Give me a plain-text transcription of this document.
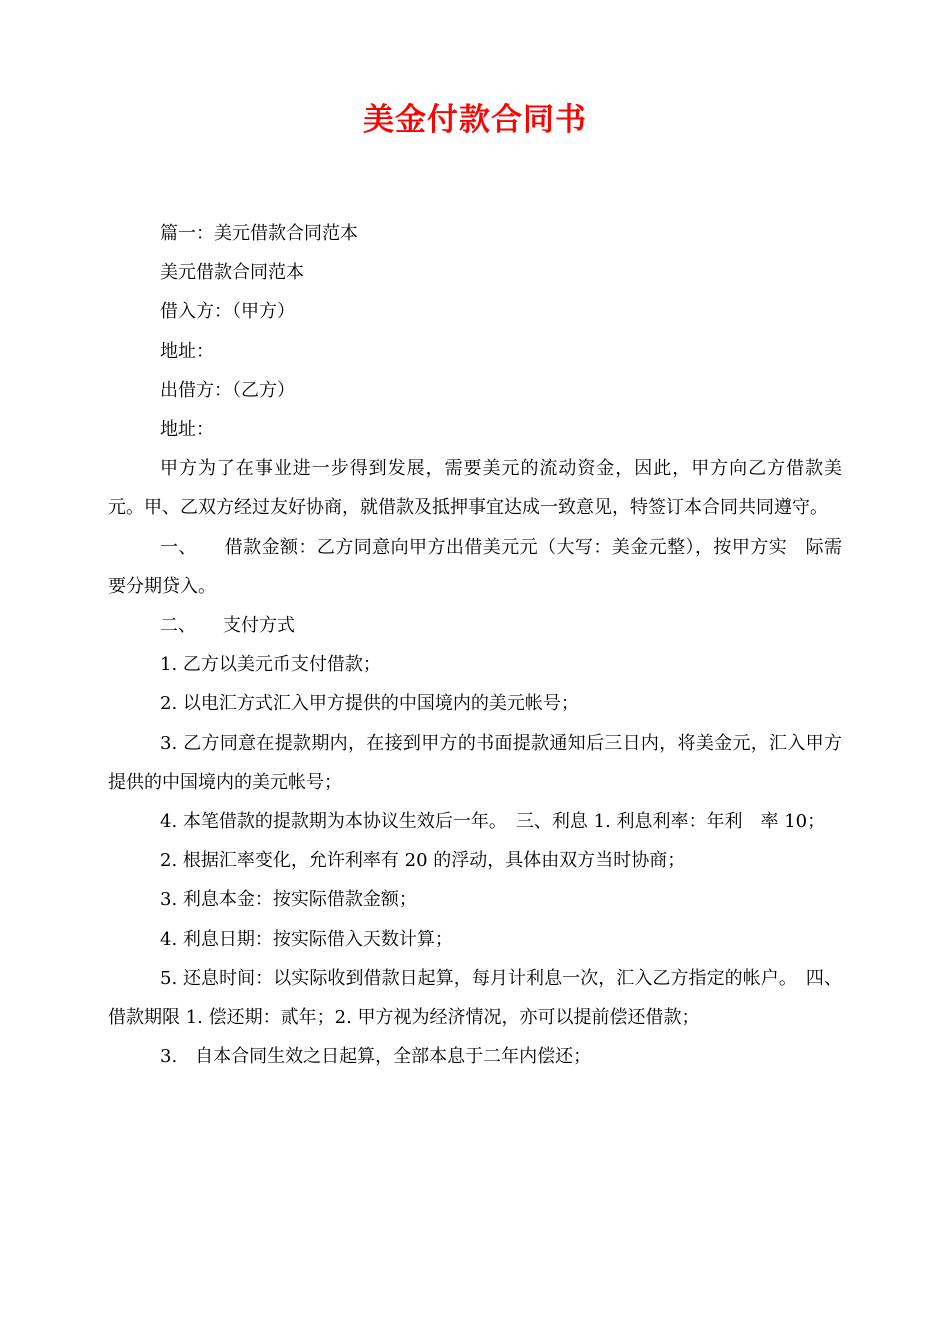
美金付款合同书

篇一：美元借款合同范本

美元借款合同范本

借入方：（甲方）

地址：

出借方：（乙方）

地址：

甲方为了在事业进一步得到发展，需要美元的流动资金，因此，甲方向乙方借款美元。甲、乙双方经过友好协商，就借款及抵押事宜达成一致意见，特签订本合同共同遵守。

一、　　借款金额：乙方同意向甲方出借美元元（大写：美金元整），按甲方实　际需要分期贷入。

二、　　支付方式

1. 乙方以美元币支付借款；

2. 以电汇方式汇入甲方提供的中国境内的美元帐号；

3. 乙方同意在提款期内，在接到甲方的书面提款通知后三日内，将美金元，汇入甲方提供的中国境内的美元帐号；

4. 本笔借款的提款期为本协议生效后一年。　三、利息 1. 利息利率：年利　率 10；

2. 根据汇率变化，允许利率有 20 的浮动，具体由双方当时协商；

3. 利息本金：按实际借款金额；

4. 利息日期：按实际借入天数计算；

5. 还息时间：以实际收到借款日起算，每月计利息一次，汇入乙方指定的帐户。　四、借款期限 1. 偿还期：贰年；2. 甲方视为经济情况，亦可以提前偿还借款；

3.　自本合同生效之日起算，全部本息于二年内偿还；
